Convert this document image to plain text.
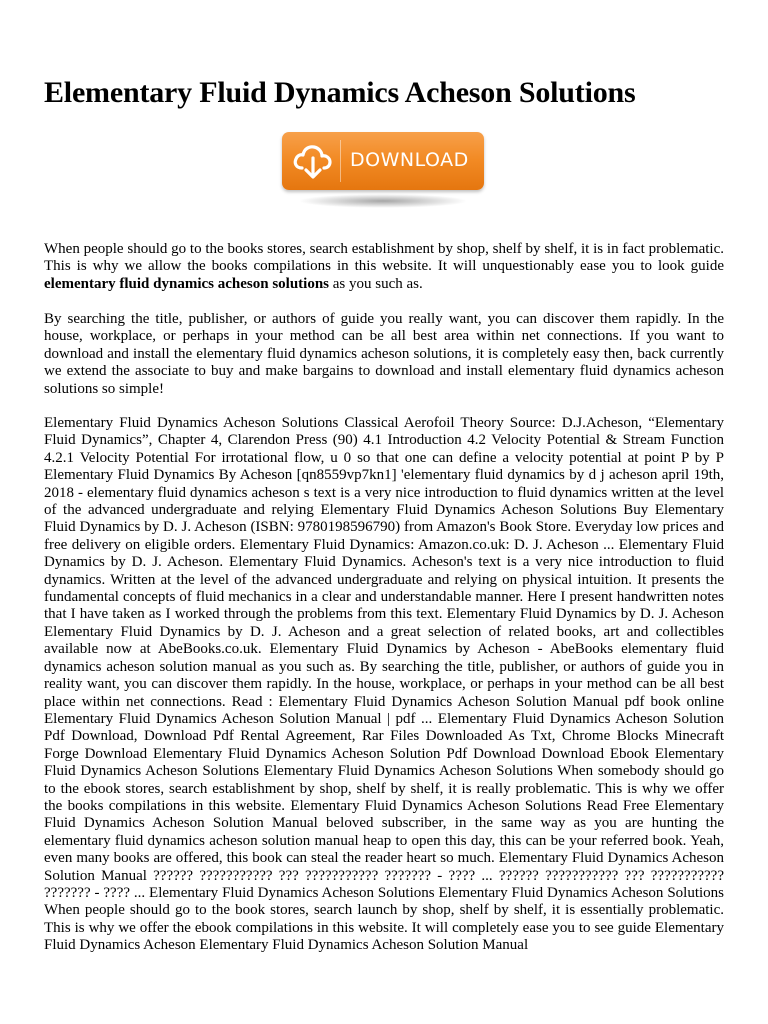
Elementary Fluid Dynamics Acheson Solutions
DOWNLOAD

When people should go to the books stores, search establishment by shop, shelf by shelf, it is in fact problematic. This is why we allow the books compilations in this website. It will unquestionably ease you to look guide elementary fluid dynamics acheson solutions as you such as.

By searching the title, publisher, or authors of guide you really want, you can discover them rapidly. In the house, workplace, or perhaps in your method can be all best area within net connections. If you want to download and install the elementary fluid dynamics acheson solutions, it is completely easy then, back currently we extend the associate to buy and make bargains to download and install elementary fluid dynamics acheson solutions so simple!

Elementary Fluid Dynamics Acheson Solutions Classical Aerofoil Theory Source: D.J.Acheson, “Elementary Fluid Dynamics”, Chapter 4, Clarendon Press (90) 4.1 Introduction 4.2 Velocity Potential & Stream Function 4.2.1 Velocity Potential For irrotational flow, u 0 so that one can define a velocity potential at point P by P Elementary Fluid Dynamics By Acheson [qn8559vp7kn1] 'elementary fluid dynamics by d j acheson april 19th, 2018 - elementary fluid dynamics acheson s text is a very nice introduction to fluid dynamics written at the level of the advanced undergraduate and relying Elementary Fluid Dynamics Acheson Solutions Buy Elementary Fluid Dynamics by D. J. Acheson (ISBN: 9780198596790) from Amazon's Book Store. Everyday low prices and free delivery on eligible orders. Elementary Fluid Dynamics: Amazon.co.uk: D. J. Acheson ... Elementary Fluid Dynamics by D. J. Acheson. Elementary Fluid Dynamics. Acheson's text is a very nice introduction to fluid dynamics. Written at the level of the advanced undergraduate and relying on physical intuition. It presents the fundamental concepts of fluid mechanics in a clear and understandable manner. Here I present handwritten notes that I have taken as I worked through the problems from this text. Elementary Fluid Dynamics by D. J. Acheson Elementary Fluid Dynamics by D. J. Acheson and a great selection of related books, art and collectibles available now at AbeBooks.co.uk. Elementary Fluid Dynamics by Acheson - AbeBooks elementary fluid dynamics acheson solution manual as you such as. By searching the title, publisher, or authors of guide you in reality want, you can discover them rapidly. In the house, workplace, or perhaps in your method can be all best place within net connections. Read : Elementary Fluid Dynamics Acheson Solution Manual pdf book online Elementary Fluid Dynamics Acheson Solution Manual | pdf ... Elementary Fluid Dynamics Acheson Solution Pdf Download, Download Pdf Rental Agreement, Rar Files Downloaded As Txt, Chrome Blocks Minecraft Forge Download Elementary Fluid Dynamics Acheson Solution Pdf Download Download Ebook Elementary Fluid Dynamics Acheson Solutions Elementary Fluid Dynamics Acheson Solutions When somebody should go to the ebook stores, search establishment by shop, shelf by shelf, it is really problematic. This is why we offer the books compilations in this website. Elementary Fluid Dynamics Acheson Solutions Read Free Elementary Fluid Dynamics Acheson Solution Manual beloved subscriber, in the same way as you are hunting the elementary fluid dynamics acheson solution manual heap to open this day, this can be your referred book. Yeah, even many books are offered, this book can steal the reader heart so much. Elementary Fluid Dynamics Acheson Solution Manual ?????? ??????????? ??? ??????????? ??????? - ???? ... ?????? ??????????? ??? ??????????? ??????? - ???? ... Elementary Fluid Dynamics Acheson Solutions Elementary Fluid Dynamics Acheson Solutions When people should go to the book stores, search launch by shop, shelf by shelf, it is essentially problematic. This is why we offer the ebook compilations in this website. It will completely ease you to see guide Elementary Fluid Dynamics Acheson Elementary Fluid Dynamics Acheson Solution Manual
